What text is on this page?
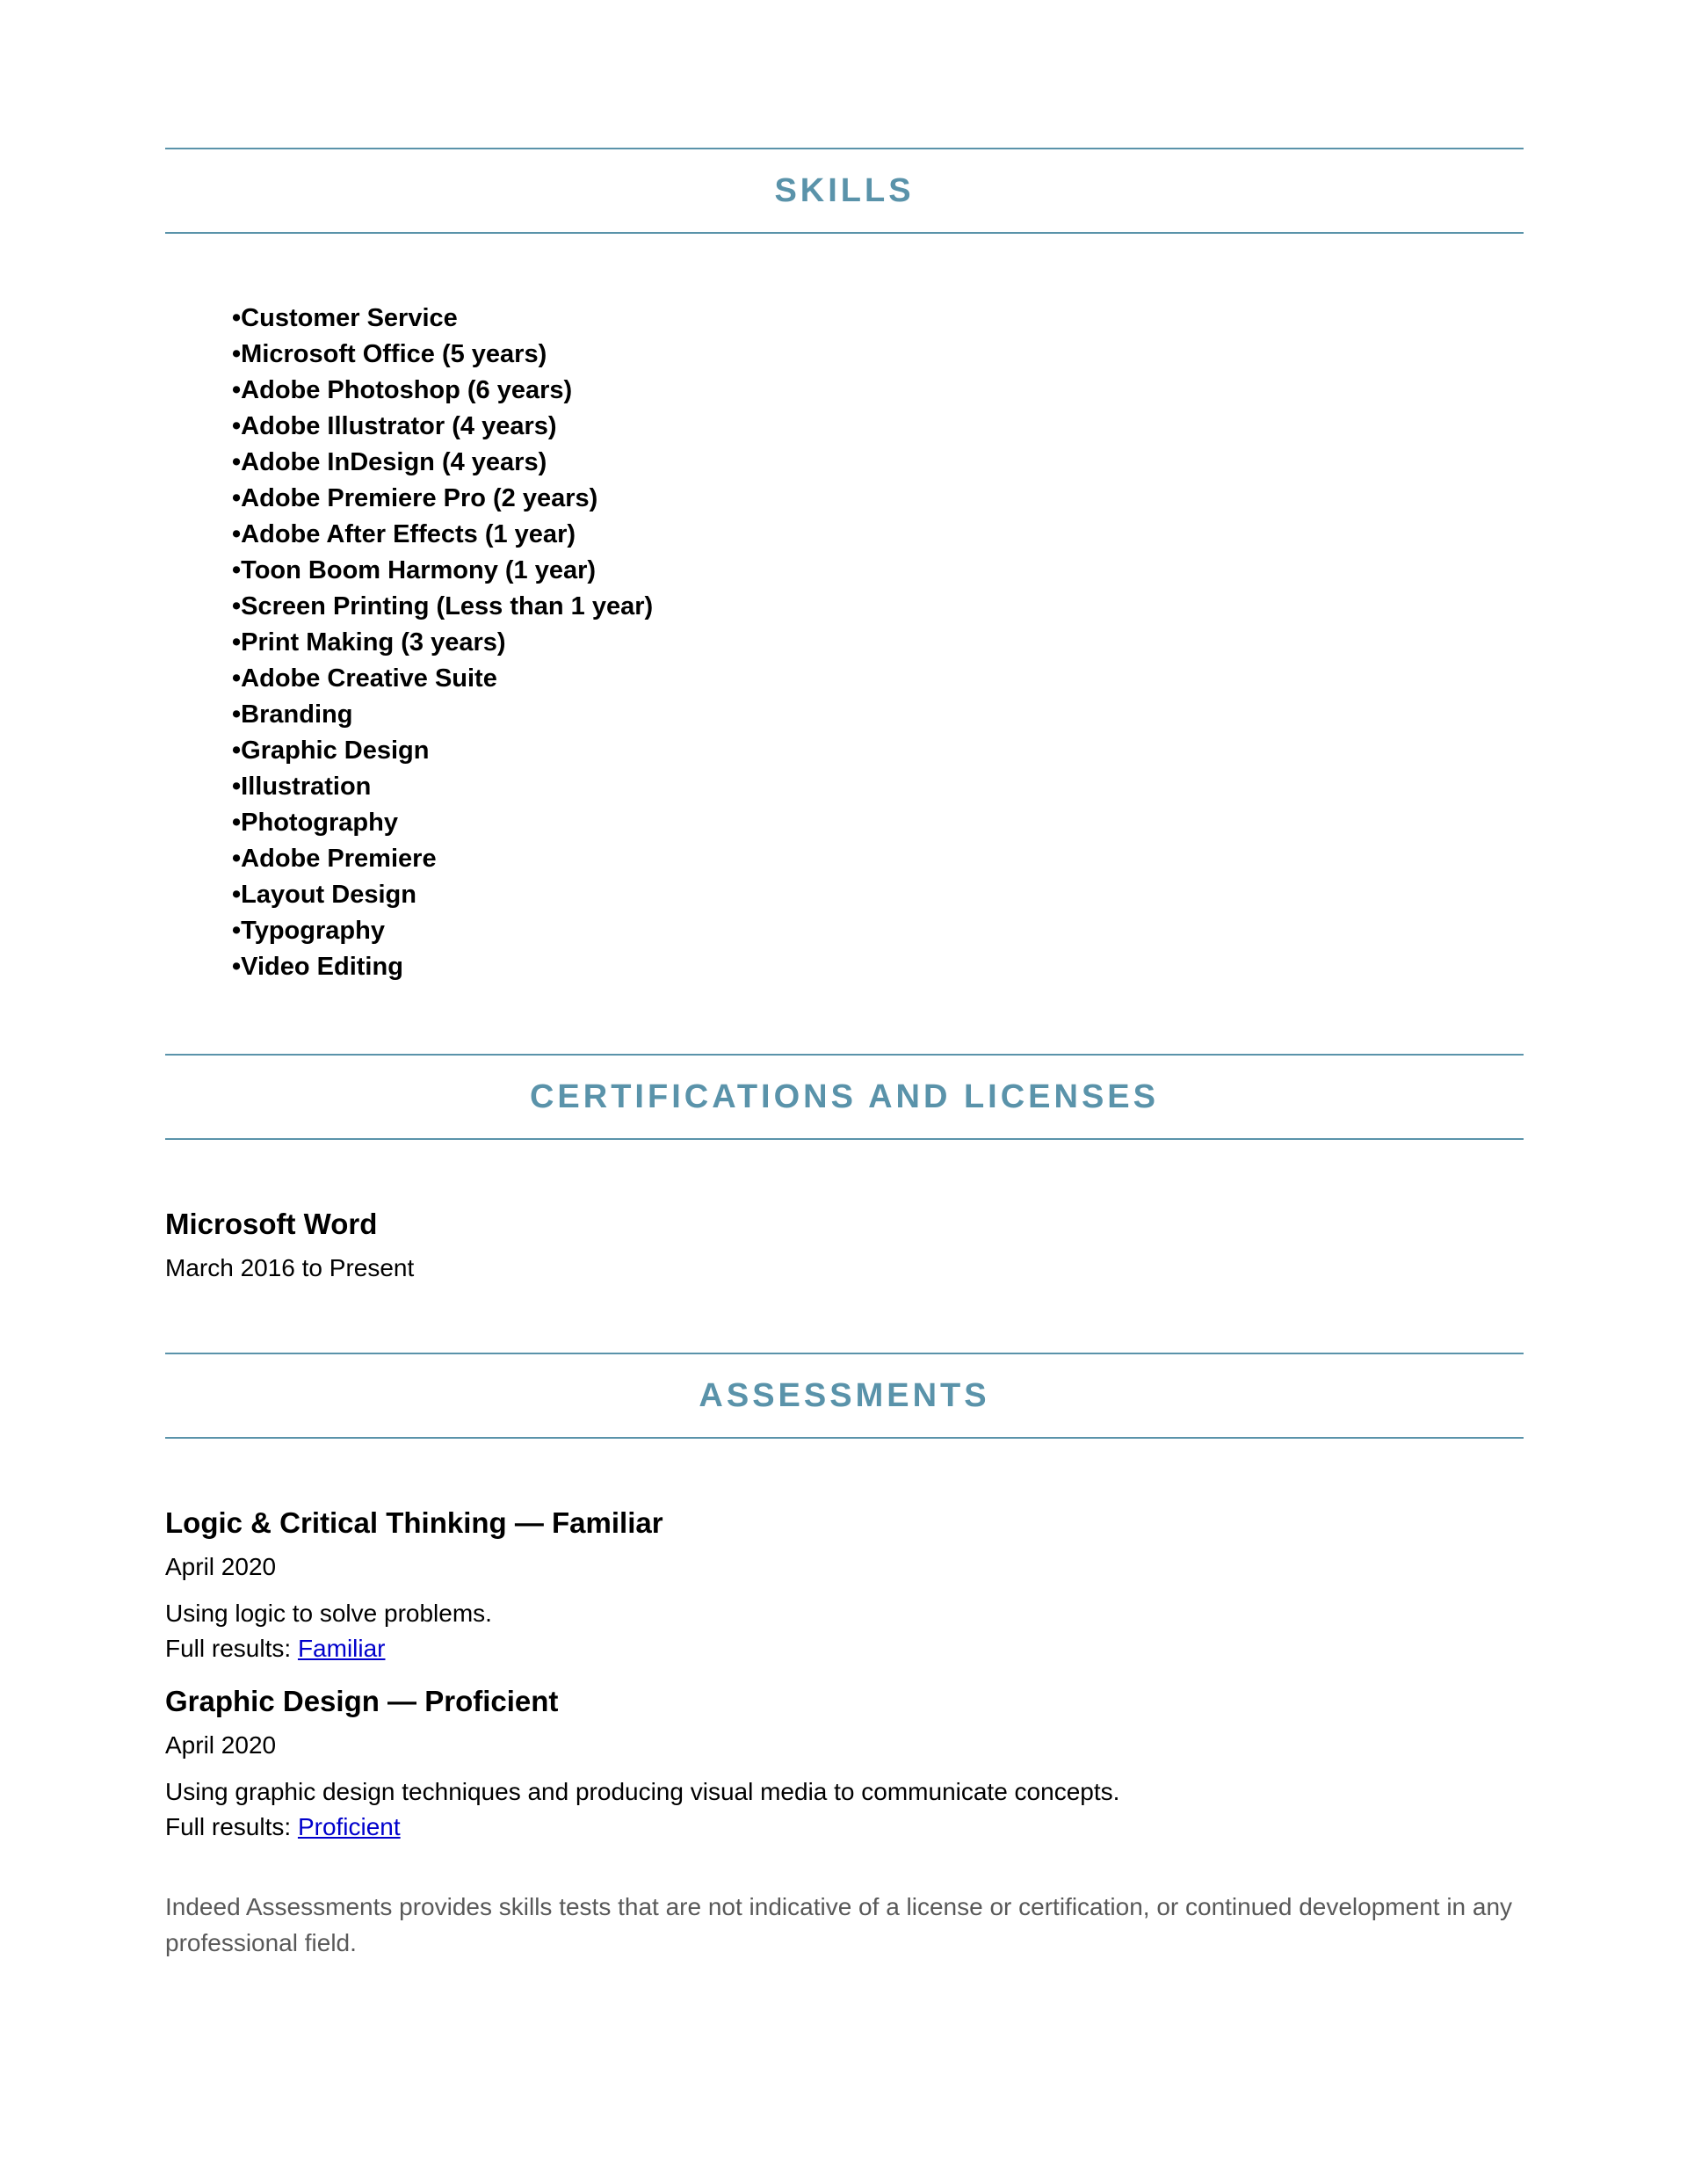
SKILLS
• Customer Service
• Microsoft Office (5 years)
• Adobe Photoshop (6 years)
• Adobe Illustrator (4 years)
• Adobe InDesign (4 years)
• Adobe Premiere Pro (2 years)
• Adobe After Effects (1 year)
• Toon Boom Harmony (1 year)
• Screen Printing (Less than 1 year)
• Print Making (3 years)
• Adobe Creative Suite
• Branding
• Graphic Design
• Illustration
• Photography
• Adobe Premiere
• Layout Design
• Typography
• Video Editing
CERTIFICATIONS AND LICENSES
Microsoft Word
March 2016 to Present
ASSESSMENTS
Logic & Critical Thinking — Familiar
April 2020
Using logic to solve problems.
Full results: Familiar
Graphic Design — Proficient
April 2020
Using graphic design techniques and producing visual media to communicate concepts.
Full results: Proficient

Indeed Assessments provides skills tests that are not indicative of a license or certification, or continued development in any professional field.
